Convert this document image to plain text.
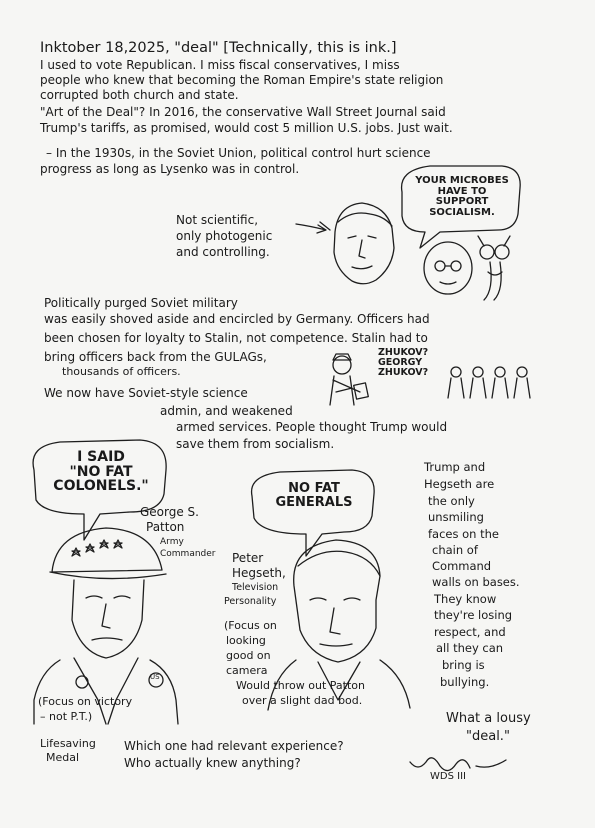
Inktober 18,2025, "deal" [Technically, this is ink.]
I used to vote Republican. I miss fiscal conservatives, I miss
people who knew that becoming the Roman Empire's state religion
corrupted both church and state.
"Art of the Deal"? In 2016, the conservative Wall Street Journal said
Trump's tariffs, as promised, would cost 5 million U.S. jobs. Just wait.
– In the 1930s, in the Soviet Union, political control hurt science
progress as long as Lysenko was in control.
Not scientific,
only photogenic
and controlling.
YOUR MICROBES
HAVE TO SUPPORT
SOCIALISM.
Politically purged Soviet military
was easily shoved aside and encircled by Germany. Officers had
been chosen for loyalty to Stalin, not competence. Stalin had to
bring officers back from the GULAGs,
thousands of officers.
ZHUKOV?
GEORGY
ZHUKOV?
We now have Soviet-style science
admin, and weakened
armed services. People thought Trump would
save them from socialism.
I SAID
"NO FAT
COLONELS."
George S.
Patton
Army
Commander
US
(Focus on victory
– not P.T.)
Lifesaving
Medal
NO FAT
GENERALS
Peter
Hegseth,
Television
Personality
(Focus on
looking
good on
camera
Would throw out Patton
over a slight dad bod.
Trump and
Hegseth are
the only
unsmiling
faces on the
chain of
Command
walls on bases.
They know
they're losing
respect, and
all they can
bring is
bullying.
What a lousy
"deal."
Which one had relevant experience?
Who actually knew anything?
WDS III
